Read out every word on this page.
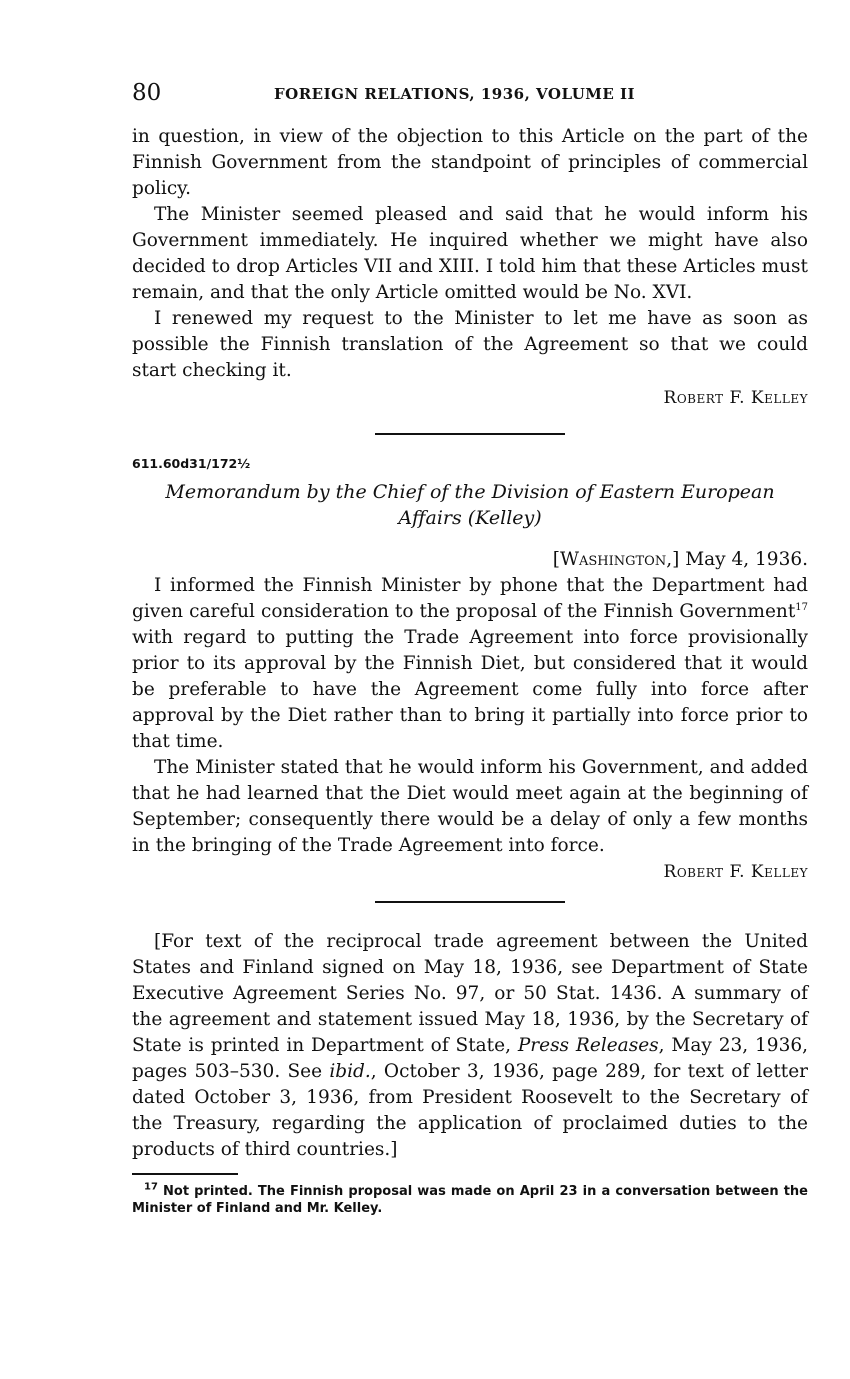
80	FOREIGN RELATIONS, 1936, VOLUME II

in question, in view of the objection to this Article on the part of the Finnish Government from the standpoint of principles of commercial policy.

The Minister seemed pleased and said that he would inform his Government immediately. He inquired whether we might have also decided to drop Articles VII and XIII. I told him that these Articles must remain, and that the only Article omitted would be No. XVI.

I renewed my request to the Minister to let me have as soon as possible the Finnish translation of the Agreement so that we could start checking it.

Robert F. Kelley
611.60d31/172½
Memorandum by the Chief of the Division of Eastern European Affairs (Kelley)
[Washington,] May 4, 1936.

I informed the Finnish Minister by phone that the Department had given careful consideration to the proposal of the Finnish Government$^{17}$ with regard to putting the Trade Agreement into force provisionally prior to its approval by the Finnish Diet, but considered that it would be preferable to have the Agreement come fully into force after approval by the Diet rather than to bring it partially into force prior to that time.

The Minister stated that he would inform his Government, and added that he had learned that the Diet would meet again at the beginning of September; consequently there would be a delay of only a few months in the bringing of the Trade Agreement into force.

Robert F. Kelley

[For text of the reciprocal trade agreement between the United States and Finland signed on May 18, 1936, see Department of State Executive Agreement Series No. 97, or 50 Stat. 1436. A summary of the agreement and statement issued May 18, 1936, by the Secretary of State is printed in Department of State, Press Releases, May 23, 1936, pages 503–530. See ibid., October 3, 1936, page 289, for text of letter dated October 3, 1936, from President Roosevelt to the Secretary of the Treasury, regarding the application of proclaimed duties to the products of third countries.]

$^{17}$ Not printed. The Finnish proposal was made on April 23 in a conversation between the Minister of Finland and Mr. Kelley.
